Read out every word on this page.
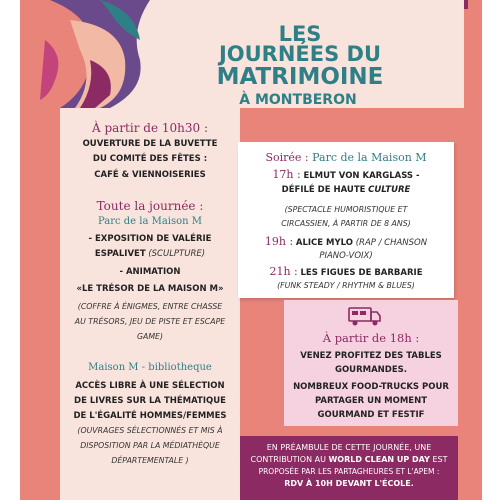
LES
JOURNÉES DU
MATRIMOINE
À MONTBERON
À partir de 10h30 :
OUVERTURE DE LA BUVETTE
DU COMITÉ DES FÊTES :
CAFÉ & VIENNOISERIES
Toute la journée :
Parc de la Maison M
- EXPOSITION DE VALÉRIE
ESPALIVET (SCULPTURE)
- ANIMATION
«LE TRÉSOR DE LA MAISON M»
(COFFRE À ÉNIGMES, ENTRE CHASSE
AU TRÉSORS, JEU DE PISTE ET ESCAPE
GAME)
Maison M - bibliotheque
ACCÈS LIBRE À UNE SÉLECTION
DE LIVRES SUR LA THÉMATIQUE
DE L'ÉGALITÉ HOMMES/FEMMES
(OUVRAGES SÉLECTIONNÉS ET MIS À
DISPOSITION PAR LA MÉDIATHÈQUE
DÉPARTEMENTALE )
Soirée : Parc de la Maison M
17h : ELMUT VON KARGLASS -
DÉFILÉ DE HAUTE CULTURE
(SPECTACLE HUMORISTIQUE ET
CIRCASSIEN, À PARTIR DE 8 ANS)
19h : ALICE MYLO (RAP / CHANSON
PIANO-VOIX)
21h : LES FIGUES DE BARBARIE
(FUNK STEADY / RHYTHM & BLUES)
À partir de 18h :
VENEZ PROFITEZ DES TABLES
GOURMANDES.
NOMBREUX FOOD-TRUCKS POUR
PARTAGER UN MOMENT
GOURMAND ET FESTIF
EN PRÉAMBULE DE CETTE JOURNÉE, UNE
CONTRIBUTION AU WORLD CLEAN UP DAY EST
PROPOSÉE PAR LES PARTAGHEURES ET L'APEM :
RDV À 10H DEVANT L'ÉCOLE.
